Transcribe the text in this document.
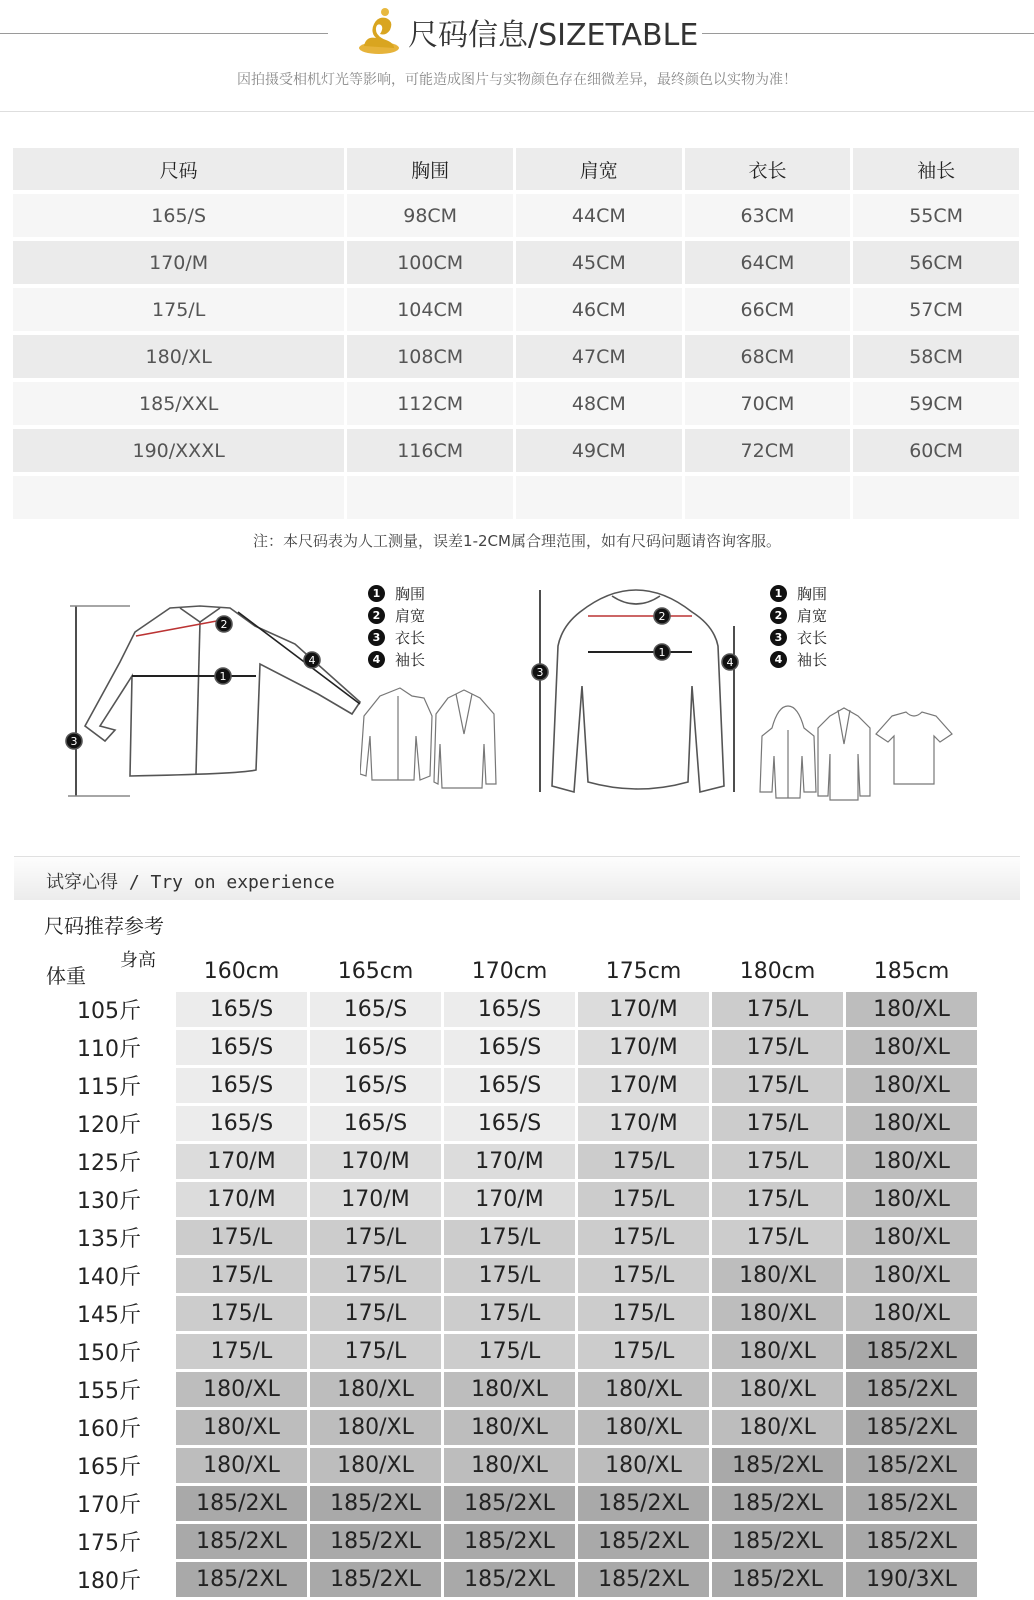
尺码信息/SIZETABLE
因拍摄受相机灯光等影响，可能造成图片与实物颜色存在细微差异，最终颜色以实物为准！
尺码	胸围	肩宽	衣长	袖长
165/S	98CM	44CM	63CM	55CM
170/M	100CM	45CM	64CM	56CM
175/L	104CM	46CM	66CM	57CM
180/XL	108CM	47CM	68CM	58CM
185/XXL	112CM	48CM	70CM	59CM
190/XXXL	116CM	49CM	72CM	60CM

注：本尺码表为人工测量，误差1-2CM属合理范围，如有尺码问题请咨询客服。
2
1
3
4
1 胸围
2 肩宽
3 衣长
4 袖长
2
1
3
4
1 胸围
2 肩宽
3 衣长
4 袖长
试穿心得 / Try on experience
尺码推荐参考
	160cm	165cm	170cm	175cm	180cm	185cm
105斤	165/S	165/S	165/S	170/M	175/L	180/XL
110斤	165/S	165/S	165/S	170/M	175/L	180/XL
115斤	165/S	165/S	165/S	170/M	175/L	180/XL
120斤	165/S	165/S	165/S	170/M	175/L	180/XL
125斤	170/M	170/M	170/M	175/L	175/L	180/XL
130斤	170/M	170/M	170/M	175/L	175/L	180/XL
135斤	175/L	175/L	175/L	175/L	175/L	180/XL
140斤	175/L	175/L	175/L	175/L	180/XL	180/XL
145斤	175/L	175/L	175/L	175/L	180/XL	180/XL
150斤	175/L	175/L	175/L	175/L	180/XL	185/2XL
155斤	180/XL	180/XL	180/XL	180/XL	180/XL	185/2XL
160斤	180/XL	180/XL	180/XL	180/XL	180/XL	185/2XL
165斤	180/XL	180/XL	180/XL	180/XL	185/2XL	185/2XL
170斤	185/2XL	185/2XL	185/2XL	185/2XL	185/2XL	185/2XL
175斤	185/2XL	185/2XL	185/2XL	185/2XL	185/2XL	185/2XL
180斤	185/2XL	185/2XL	185/2XL	185/2XL	185/2XL	190/3XL
身高
体重
